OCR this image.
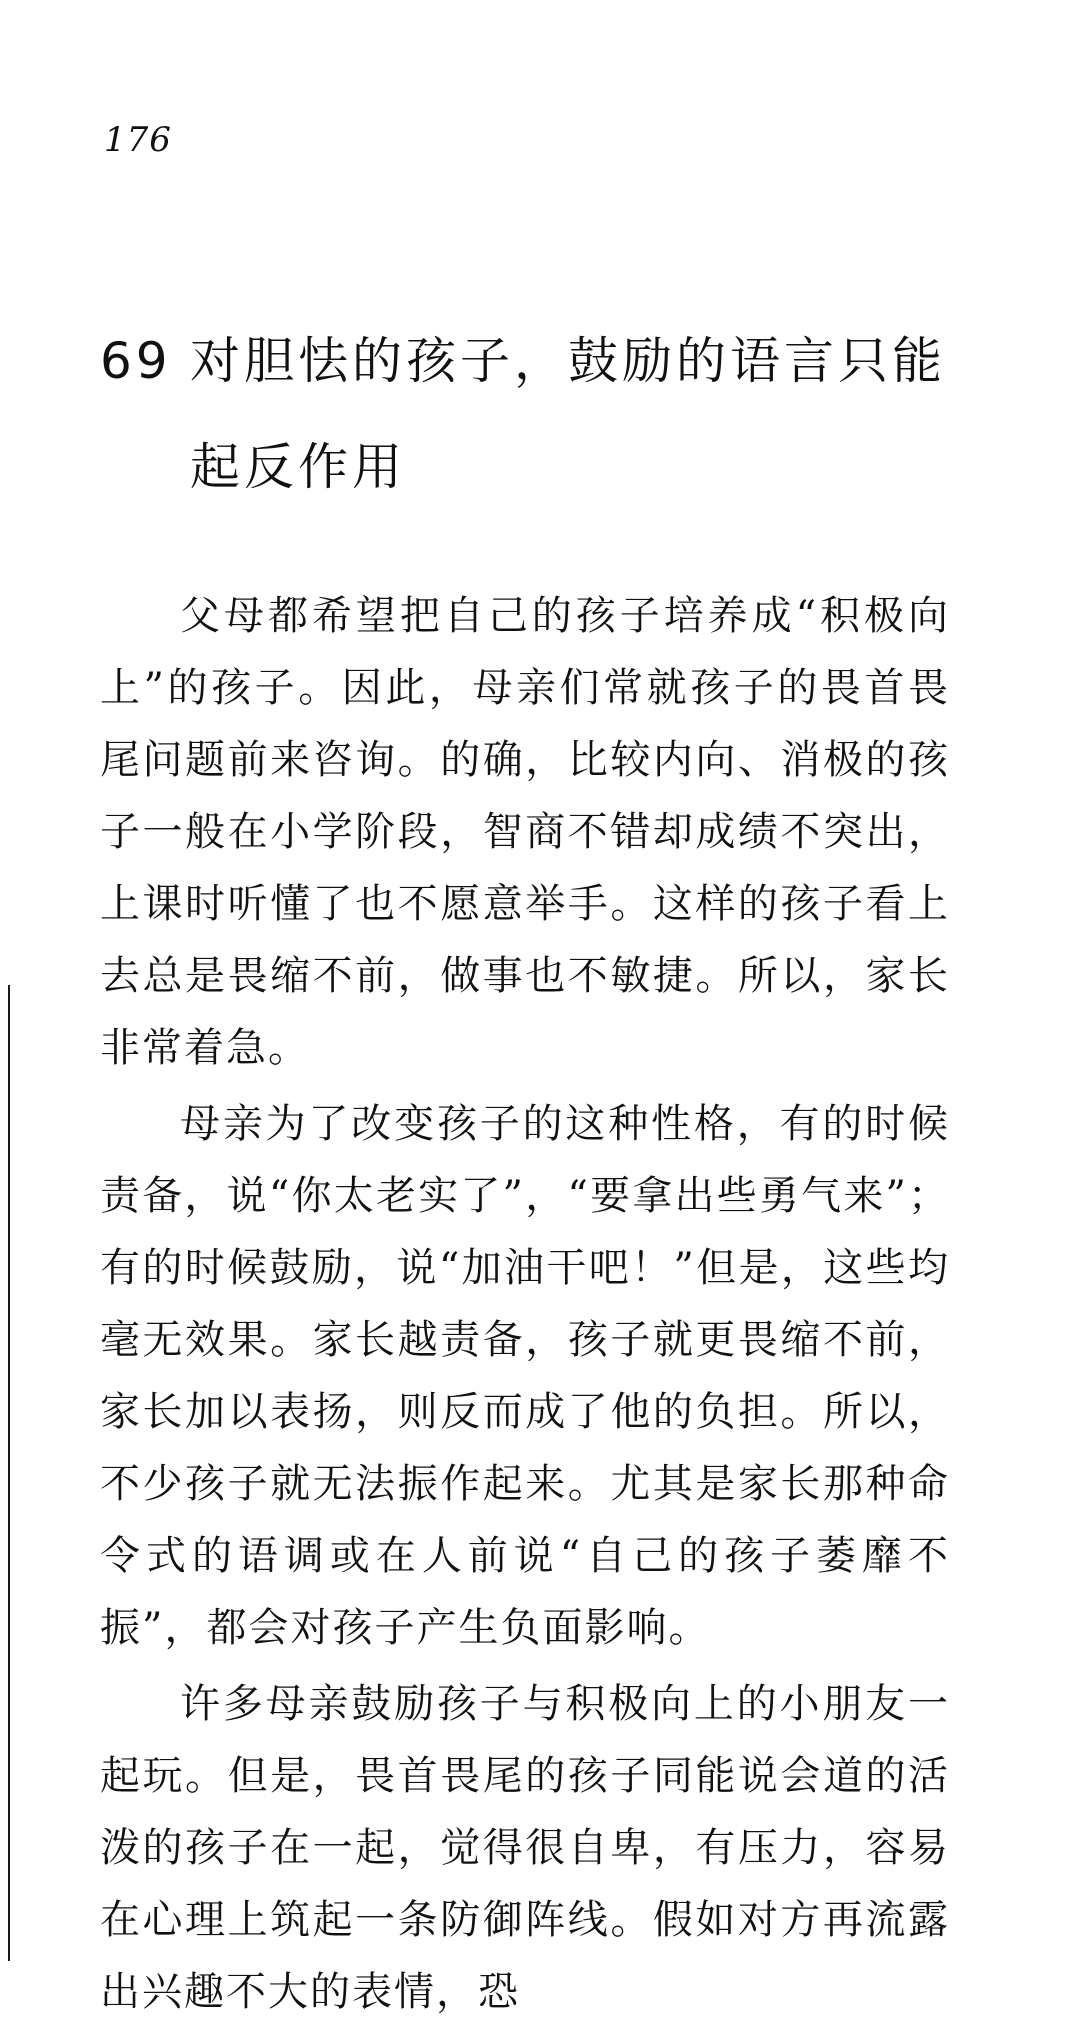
176
69 对胆怯的孩子，鼓励的语言只能起反作用

父母都希望把自己的孩子培养成“积极向上”的孩子。因此，母亲们常就孩子的畏首畏尾问题前来咨询。的确，比较内向、消极的孩子一般在小学阶段，智商不错却成绩不突出，上课时听懂了也不愿意举手。这样的孩子看上去总是畏缩不前，做事也不敏捷。所以，家长非常着急。

母亲为了改变孩子的这种性格，有的时候责备，说“你太老实了”，“要拿出些勇气来”；有的时候鼓励，说“加油干吧！”但是，这些均毫无效果。家长越责备，孩子就更畏缩不前，家长加以表扬，则反而成了他的负担。所以，不少孩子就无法振作起来。尤其是家长那种命令式的语调或在人前说“自己的孩子萎靡不振”，都会对孩子产生负面影响。

许多母亲鼓励孩子与积极向上的小朋友一起玩。但是，畏首畏尾的孩子同能说会道的活泼的孩子在一起，觉得很自卑，有压力，容易在心理上筑起一条防御阵线。假如对方再流露出兴趣不大的表情，恐
